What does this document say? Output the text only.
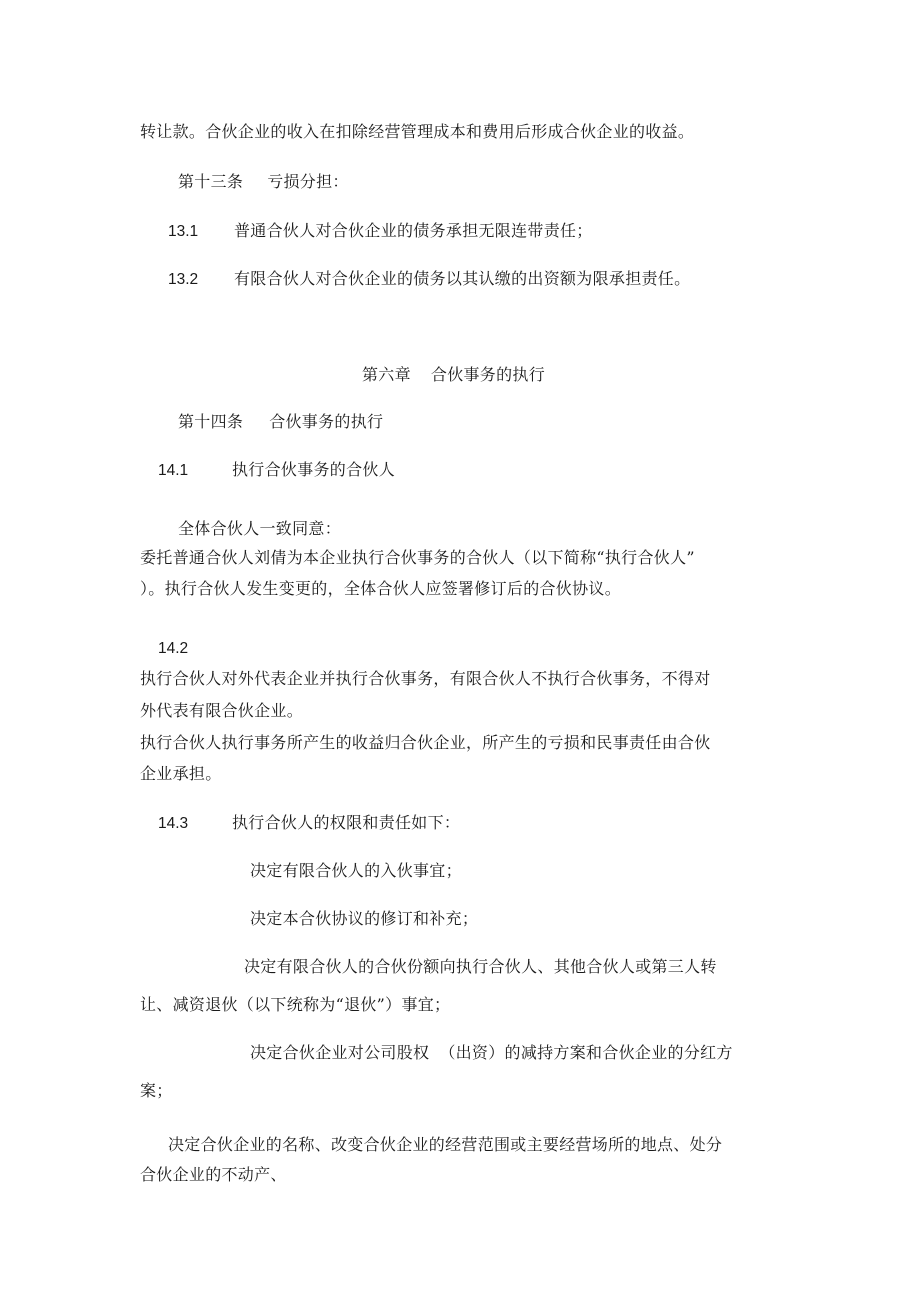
转让款。合伙企业的收入在扣除经营管理成本和费用后形成合伙企业的收益。
第十三条 亏损分担：
13.1 普通合伙人对合伙企业的债务承担无限连带责任；
13.2 有限合伙人对合伙企业的债务以其认缴的出资额为限承担责任。
第六章 合伙事务的执行
第十四条 合伙事务的执行
14.1	执行合伙事务的合伙人
全体合伙人一致同意：
委托普通合伙人刘倩为本企业执行合伙事务的合伙人（以下简称“执行合伙人”
）。执行合伙人发生变更的，全体合伙人应签署修订后的合伙协议。
14.2
执行合伙人对外代表企业并执行合伙事务，有限合伙人不执行合伙事务，不得对
外代表有限合伙企业。
执行合伙人执行事务所产生的收益归合伙企业，所产生的亏损和民事责任由合伙
企业承担。
14.3	执行合伙人的权限和责任如下：
决定有限合伙人的入伙事宜；
决定本合伙协议的修订和补充；
决定有限合伙人的合伙份额向执行合伙人、其他合伙人或第三人转
让、减资退伙（以下统称为“退伙”）事宜；
决定合伙企业对公司股权 （出资）的减持方案和合伙企业的分红方
案；
决定合伙企业的名称、改变合伙企业的经营范围或主要经营场所的地点、处分
合伙企业的不动产、
